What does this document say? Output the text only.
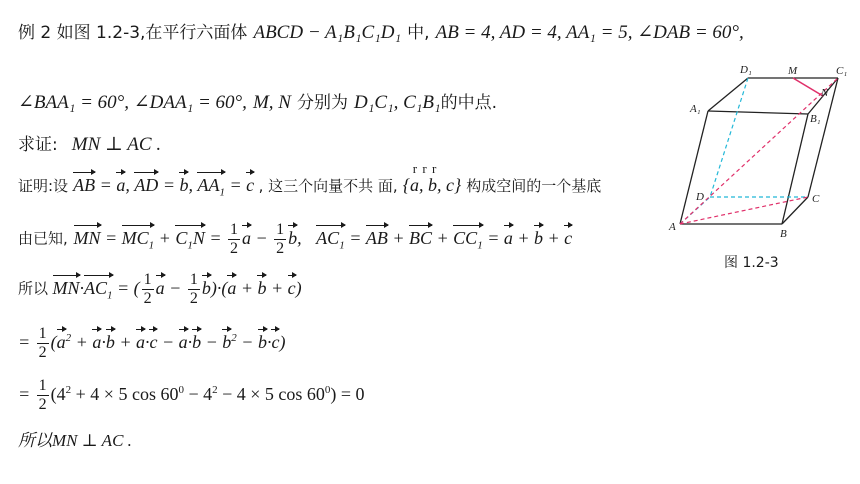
例 2 如图 1.2-3,在平行六面体 ABCD − A₁B₁C₁D₁ 中, AB = 4, AD = 4, AA₁ = 5, ∠DAB = 60°,
∠BAA₁ = 60°, ∠DAA₁ = 60°, M, N 分别为 D₁C₁, C₁B₁的中点.
求证: MN ⊥ AC .
证明:设 AB = a, AD = b, $AA_1 = c$ , 这三个向量不共 面,
r r r
{a, b, c} 构成空间的一个基底
由已知, MN = $MC_1 + C_1N = \frac{1}{2}$ $a - \frac{1}{2} b$, $AC_1$ = AB + BC + $CC_1 = a + b + c$
所以 $MN\cdot AC_1$ = ( $\frac{1}{2}$ $a - \frac{1}{2} b)\cdot(a + b + c)$
= $\frac{1}{2} (a^2 + a\cdot b + a\cdot c - a\cdot b - b^2 - b\cdot c)$
= $\frac{1}{2} (4^2 + 4 \times 5$ $\cos 60^0 - 4^2 - 4 \times 5$ $\cos 60^0) = 0$
所以MN ⊥ AC .
D₁	M	C₁
A₁
N
B₁
D	C
A
B
图 1.2-3
